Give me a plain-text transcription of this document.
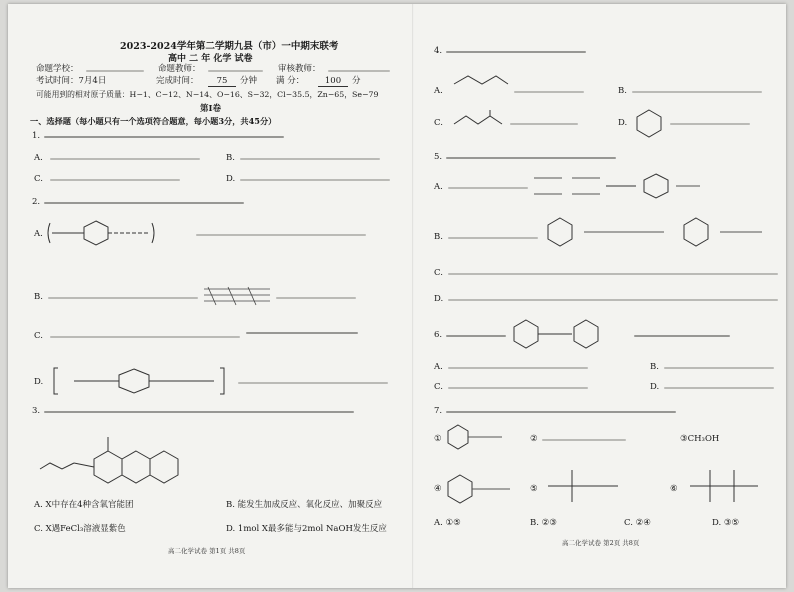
2023-2024学年第二学期九县（市）一中期末联考
命题学校：	命题教师：	审核教师：
高中 二 年 化学 试卷
考试时间：7月4日	完成时间：	75	分钟 满 分：	100	分
可能用到的相对原子质量：H−1、C−12、N−14、O−16、S−32，Cl−35.5，Zn−65，Se−79
第Ⅰ卷
一、选择题（每小题只有一个选项符合题意，每小题3分，共45分）
1.
A.	B.
C.	D.
2.
A.
B.
C.
D.
3.
A. X中存在4种含氧官能团	B. 能发生加成反应、氧化反应、加聚反应
C. X遇FeCl₃溶液显紫色	D. 1mol X最多能与2mol NaOH发生反应
高二化学试卷 第1页 共8页
4.
A.	B.
C.	D.
5.
A.
B.
C.
D.
6.
A.	B.
C.	D.
7.
①	②	③CH₃OH
④	⑤	⑥
A. ①⑤	B. ②③	C. ②④	D. ③⑤
高二化学试卷 第2页 共8页
